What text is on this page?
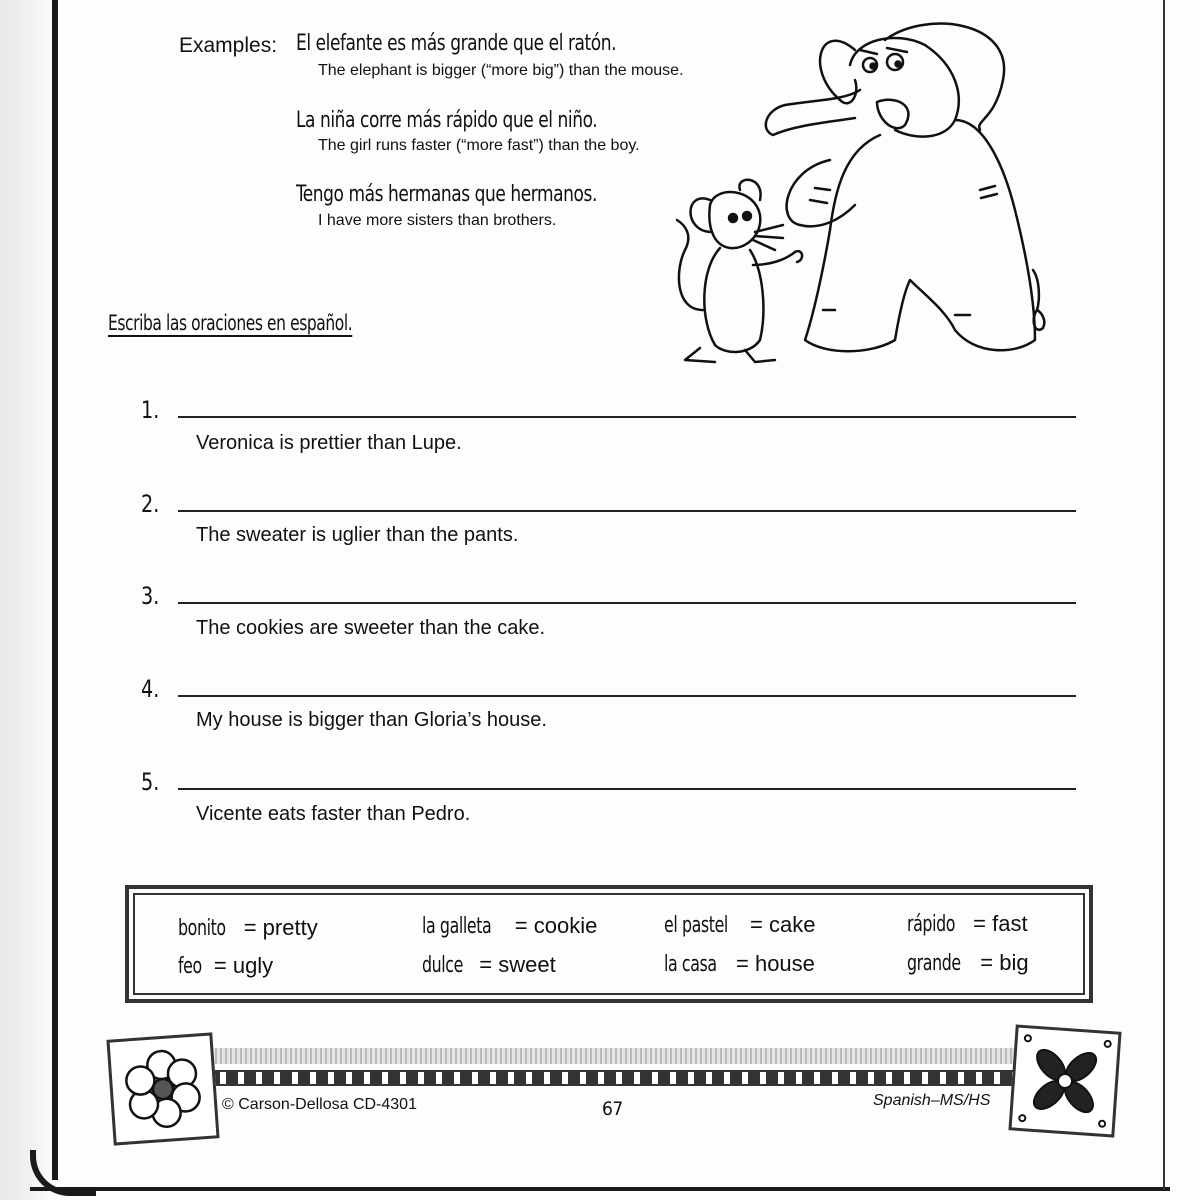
Examples: El elefante es más grande que el ratón.
The elephant is bigger (“more big”) than the mouse.
La niña corre más rápido que el niño.
The girl runs faster (“more fast”) than the boy.
Tengo más hermanas que hermanos.
I have more sisters than brothers.
Escriba las oraciones en español.
1.
Veronica is prettier than Lupe.
2.
The sweater is uglier than the pants.
3.
The cookies are sweeter than the cake.
4.
My house is bigger than Gloria’s house.
5.
Vicente eats faster than Pedro.
bonito = pretty
feo = ugly
la galleta = cookie
dulce = sweet
el pastel = cake
la casa = house
rápido = fast
grande = big
© Carson-Dellosa CD-4301	67	Spanish–MS/HS
